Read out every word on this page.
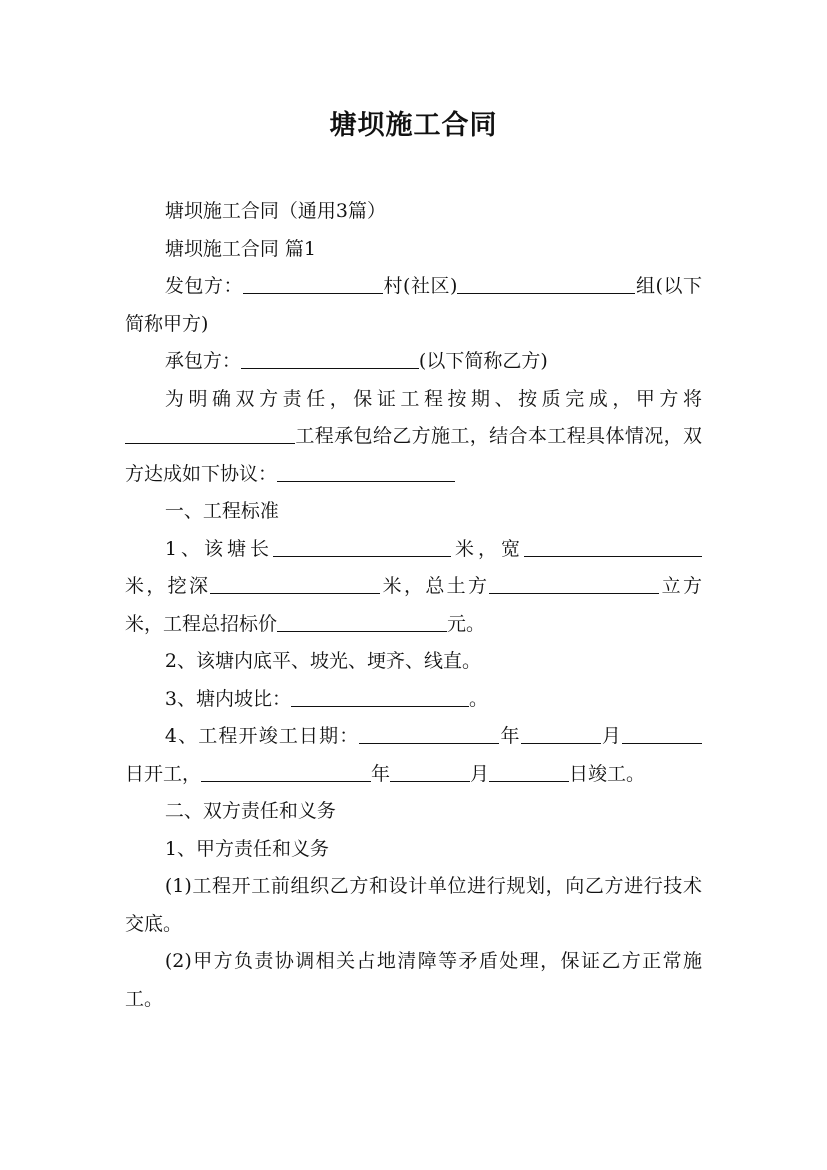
塘坝施工合同

塘坝施工合同（通用3篇）

塘坝施工合同 篇1

发包方：	村(社区)	组(以下简称甲方)

承包方：	(以下简称乙方)

为明确双方责任，保证工程按期、按质完成，甲方将工程承包给乙方施工，结合本工程具体情况，双方达成如下协议：

一、工程标准

1、该塘长	米，宽米，挖深	米，总土方	立方米，工程总招标价	元。

2、该塘内底平、坡光、埂齐、线直。

3、塘内坡比：	。

4、工程开竣工日期：	年	月日开工，	年	月	日竣工。

二、双方责任和义务

1、甲方责任和义务

(1)工程开工前组织乙方和设计单位进行规划，向乙方进行技术交底。

(2)甲方负责协调相关占地清障等矛盾处理，保证乙方正常施工。
